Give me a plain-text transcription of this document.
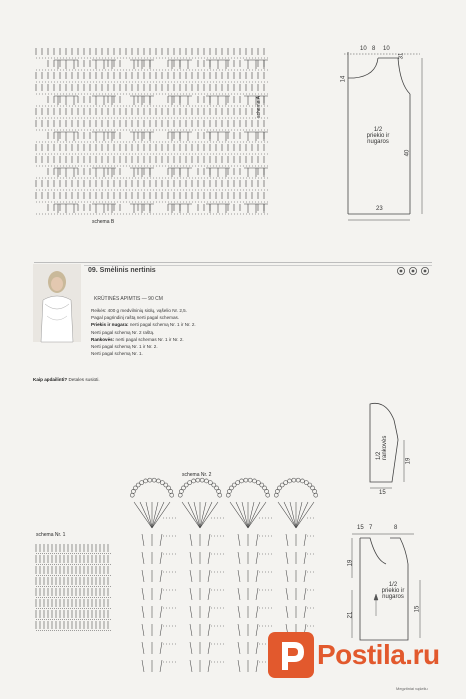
schema A
schema B
10 8 10
31
14
40
23
1/2
priekio ir
nugaros
09. Smėlinis nertinis
KRŪTINĖS APIMTIS — 90 CM
Reikės: 400 g medvilninių siūlų, vąšelio Nr. 2,5.
Pagal pagrindinį raštą nerti pagal schemas.
Priekis ir nugara: nerti pagal schemą Nr. 1 ir Nr. 2.
Nerti pagal schemą Nr. 2 raštą.
Rankovės: nerti pagal schemas Nr. 1 ir Nr. 2.
Nerti pagal schemą Nr. 1 ir Nr. 2.
Nerti pagal schemą Nr. 1.
Kaip apdailinti? Detales susiūti.
1/2 rankovės
19
15
schema Nr. 2
schema Nr. 1
15 7	8
19
21
15
1/2
priekio ir
nugaros
Megztiniai vąšeliu
Postila.ru
